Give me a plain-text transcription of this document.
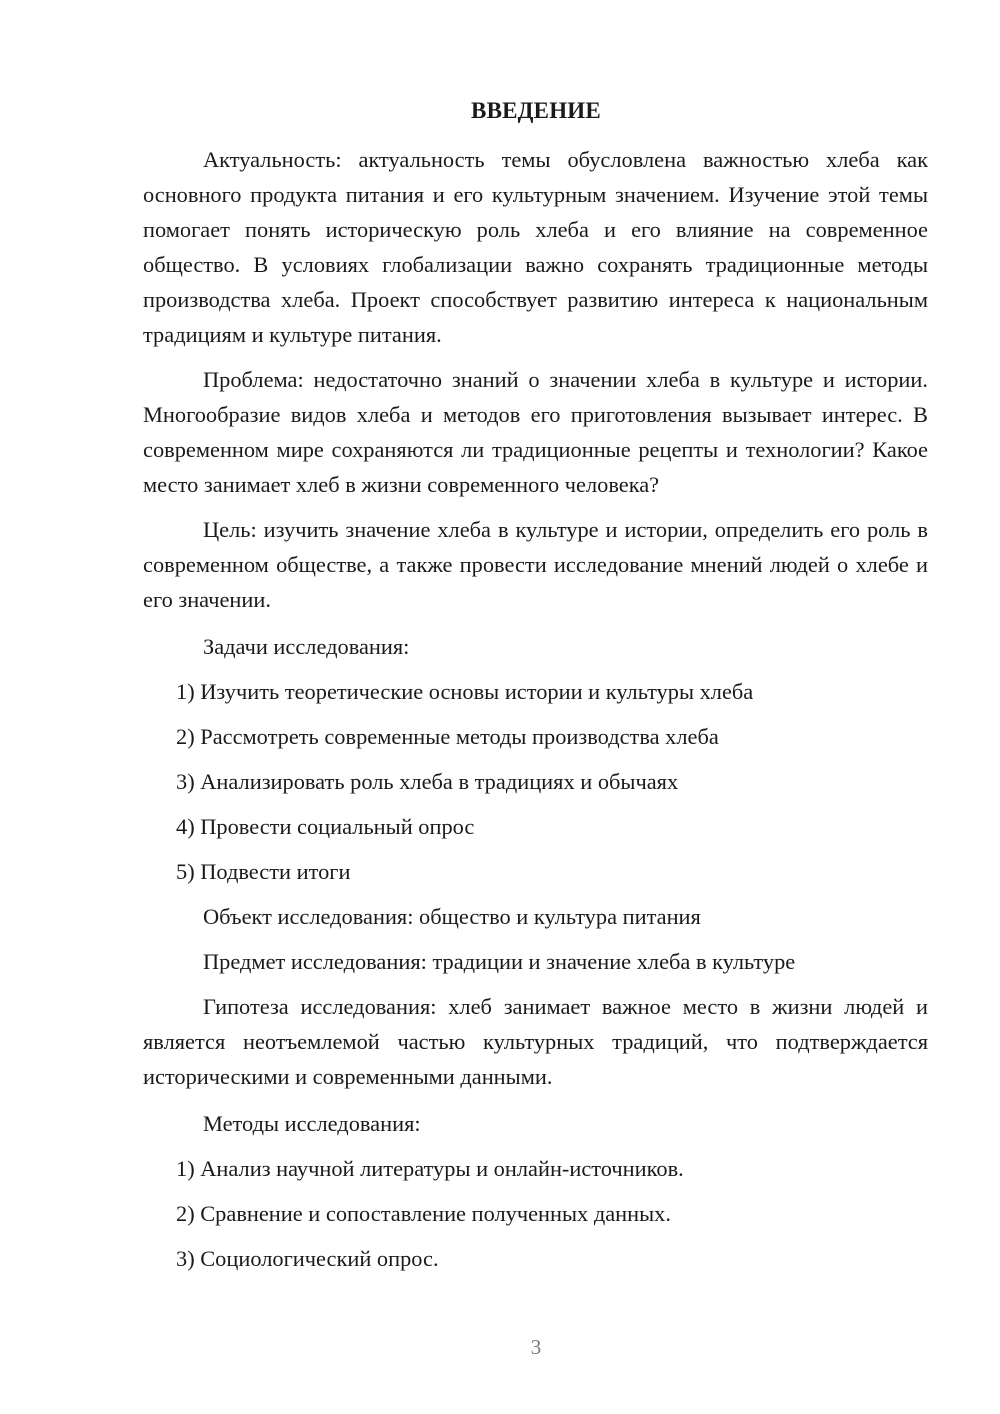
ВВЕДЕНИЕ

Актуальность: актуальность темы обусловлена важностью хлеба как основного продукта питания и его культурным значением. Изучение этой темы помогает понять историческую роль хлеба и его влияние на современное общество. В условиях глобализации важно сохранять традиционные методы производства хлеба. Проект способствует развитию интереса к национальным традициям и культуре питания.

Проблема: недостаточно знаний о значении хлеба в культуре и истории. Многообразие видов хлеба и методов его приготовления вызывает интерес. В современном мире сохраняются ли традиционные рецепты и технологии? Какое место занимает хлеб в жизни современного человека?

Цель: изучить значение хлеба в культуре и истории, определить его роль в современном обществе, а также провести исследование мнений людей о хлебе и его значении.

Задачи исследования:

1) Изучить теоретические основы истории и культуры хлеба

2) Рассмотреть современные методы производства хлеба

3) Анализировать роль хлеба в традициях и обычаях

4) Провести социальный опрос

5) Подвести итоги

Объект исследования: общество и культура питания

Предмет исследования: традиции и значение хлеба в культуре

Гипотеза исследования: хлеб занимает важное место в жизни людей и является неотъемлемой частью культурных традиций, что подтверждается историческими и современными данными.

Методы исследования:

1) Анализ научной литературы и онлайн-источников.

2) Сравнение и сопоставление полученных данных.

3) Социологический опрос.

3
